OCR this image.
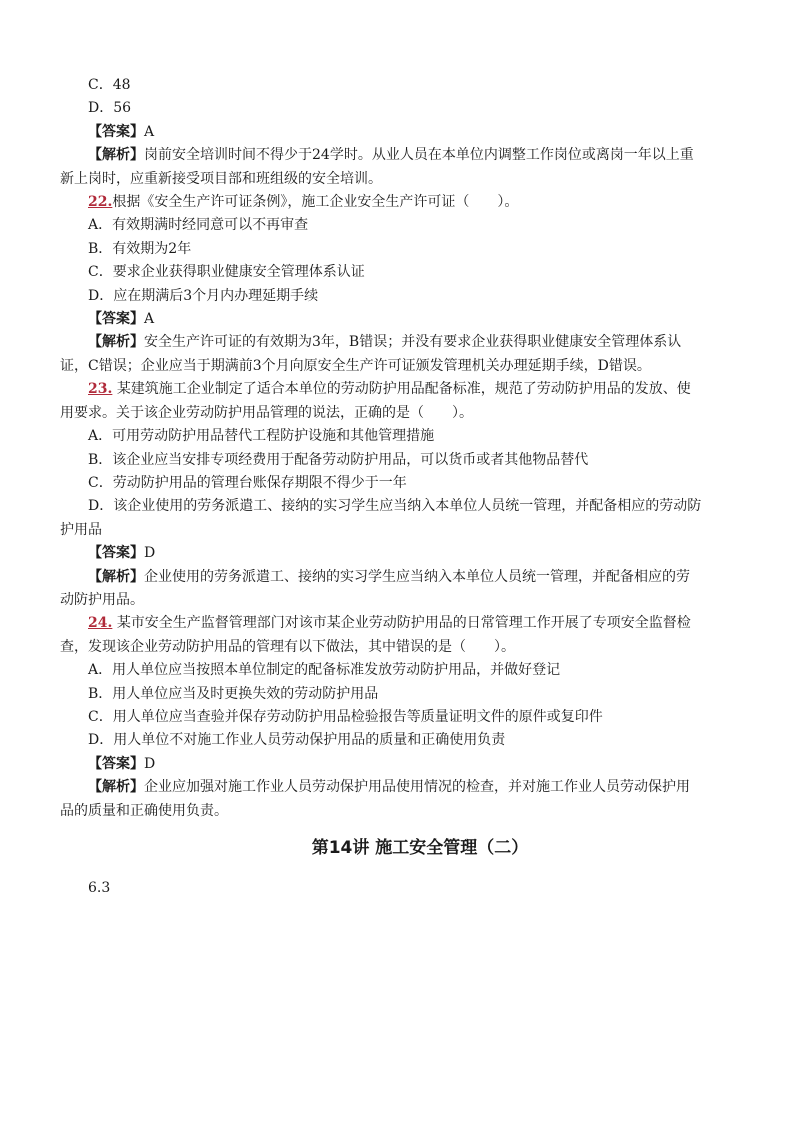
C．48
D．56
【答案】A
【解析】岗前安全培训时间不得少于24学时。从业人员在本单位内调整工作岗位或离岗一年以上重
新上岗时，应重新接受项目部和班组级的安全培训。
22.根据《安全生产许可证条例》，施工企业安全生产许可证（　　）。
A．有效期满时经同意可以不再审查
B．有效期为2年
C．要求企业获得职业健康安全管理体系认证
D．应在期满后3个月内办理延期手续
【答案】A
【解析】安全生产许可证的有效期为3年，B错误；并没有要求企业获得职业健康安全管理体系认
证，C错误；企业应当于期满前3个月向原安全生产许可证颁发管理机关办理延期手续，D错误。
23. 某建筑施工企业制定了适合本单位的劳动防护用品配备标准，规范了劳动防护用品的发放、使
用要求。关于该企业劳动防护用品管理的说法，正确的是（　　）。
A．可用劳动防护用品替代工程防护设施和其他管理措施
B．该企业应当安排专项经费用于配备劳动防护用品，可以货币或者其他物品替代
C．劳动防护用品的管理台账保存期限不得少于一年
D．该企业使用的劳务派遣工、接纳的实习学生应当纳入本单位人员统一管理，并配备相应的劳动防
护用品
【答案】D
【解析】企业使用的劳务派遣工、接纳的实习学生应当纳入本单位人员统一管理，并配备相应的劳
动防护用品。
24. 某市安全生产监督管理部门对该市某企业劳动防护用品的日常管理工作开展了专项安全监督检
查，发现该企业劳动防护用品的管理有以下做法，其中错误的是（　　）。
A．用人单位应当按照本单位制定的配备标准发放劳动防护用品，并做好登记
B．用人单位应当及时更换失效的劳动防护用品
C．用人单位应当查验并保存劳动防护用品检验报告等质量证明文件的原件或复印件
D．用人单位不对施工作业人员劳动保护用品的质量和正确使用负责
【答案】D
【解析】企业应加强对施工作业人员劳动保护用品使用情况的检查，并对施工作业人员劳动保护用
品的质量和正确使用负责。
第14讲 施工安全管理（二）
6.3
